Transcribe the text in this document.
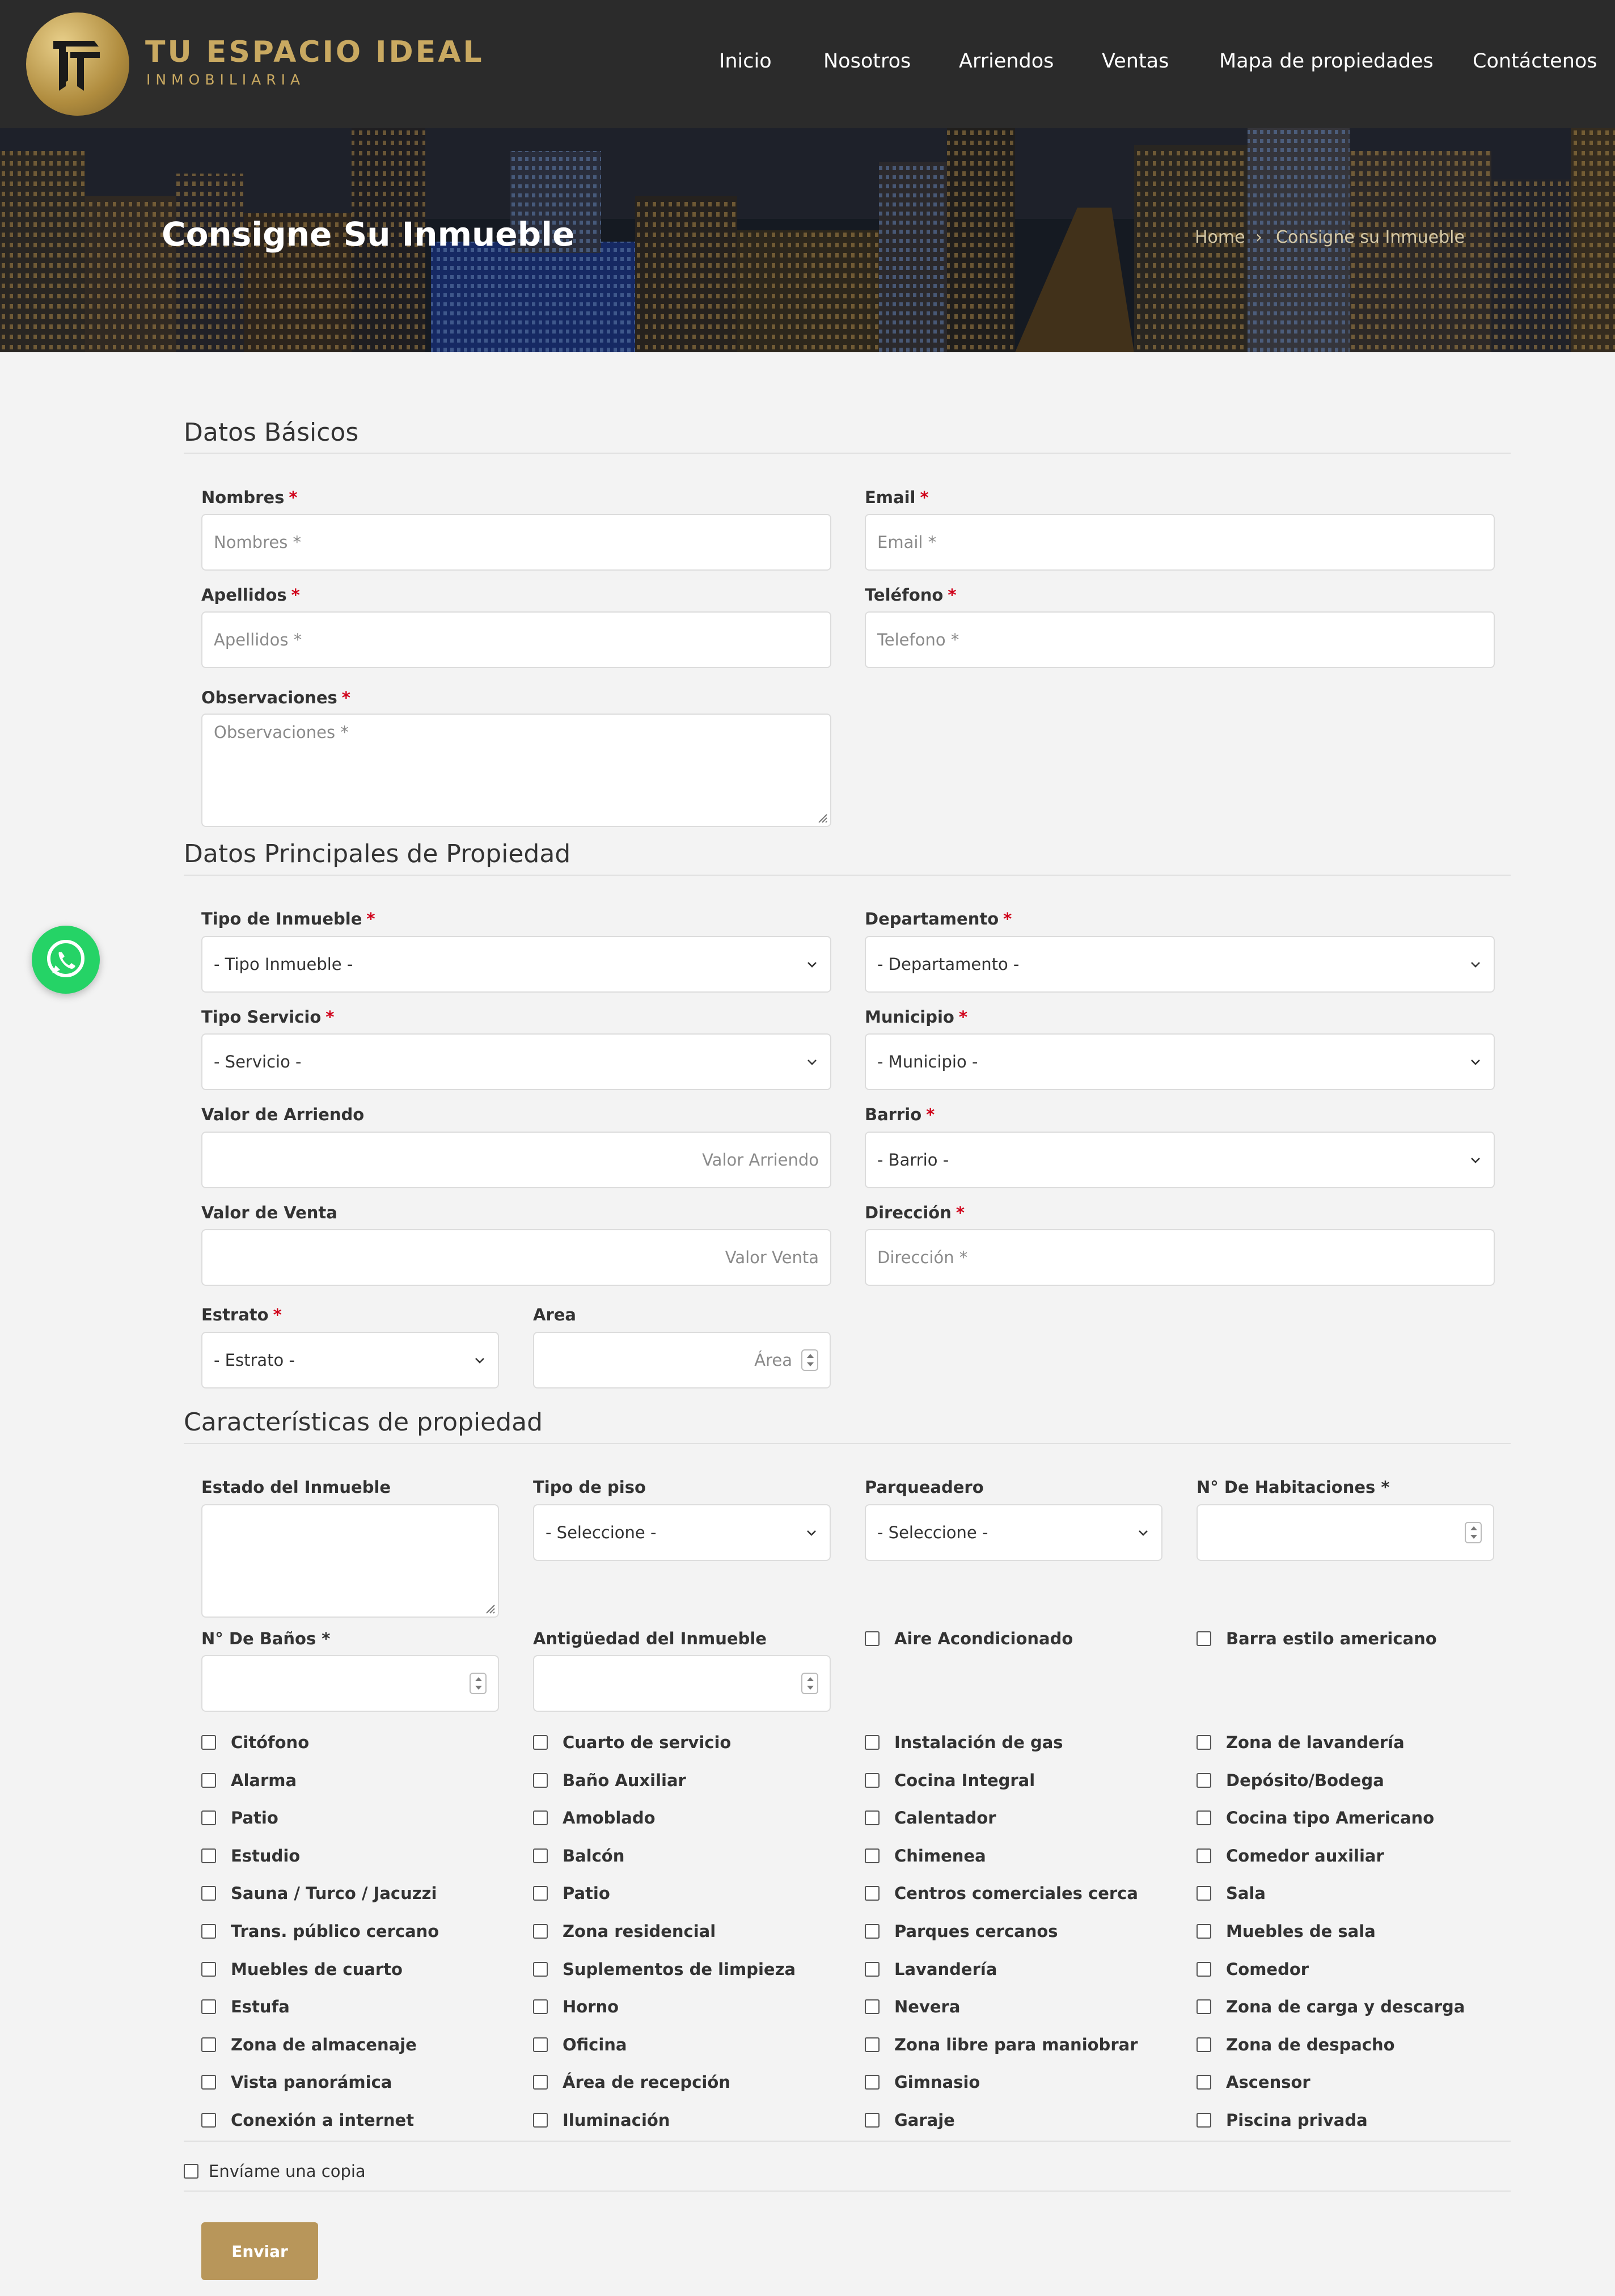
TU ESPACIO IDEAL
INMOBILIARIA
Inicio	Nosotros Arriendos Ventas	Mapa de propiedades Contáctenos
Consigne Su Inmueble	Home › Consigne su Inmueble
Datos Básicos
Nombres *
Nombres *
Email *
Email *
Apellidos *
Apellidos *
Teléfono *
Telefono *
Observaciones *
Observaciones *
Datos Principales de Propiedad
Tipo de Inmueble *
- Tipo Inmueble -
Departamento *
- Departamento -
Tipo Servicio *
- Servicio -
Municipio *
- Municipio -
Valor de Arriendo
Valor Arriendo
Barrio *
- Barrio -
Valor de Venta
Valor Venta
Dirección *
Dirección *
Estrato *
- Estrato -
Area
Área
Características de propiedad
Estado del Inmueble	Tipo de piso
- Seleccione -
Parqueadero
- Seleccione -
N° De Habitaciones *
N° De Baños *	Antigüedad del Inmueble	Aire Acondicionado	Barra estilo americano
Citófono	Cuarto de servicio	Instalación de gas	Zona de lavandería
Alarma	Baño Auxiliar	Cocina Integral	Depósito/Bodega
Patio	Amoblado	Calentador	Cocina tipo Americano
Estudio	Balcón	Chimenea	Comedor auxiliar
Sauna / Turco / Jacuzzi	Patio	Centros comerciales cerca	Sala
Trans. público cercano	Zona residencial	Parques cercanos	Muebles de sala
Muebles de cuarto	Suplementos de limpieza	Lavandería	Comedor
Estufa	Horno	Nevera	Zona de carga y descarga
Zona de almacenaje	Oficina	Zona libre para maniobrar	Zona de despacho
Vista panorámica	Área de recepción	Gimnasio	Ascensor
Conexión a internet	Iluminación	Garaje	Piscina privada
Envíame una copia
Enviar
